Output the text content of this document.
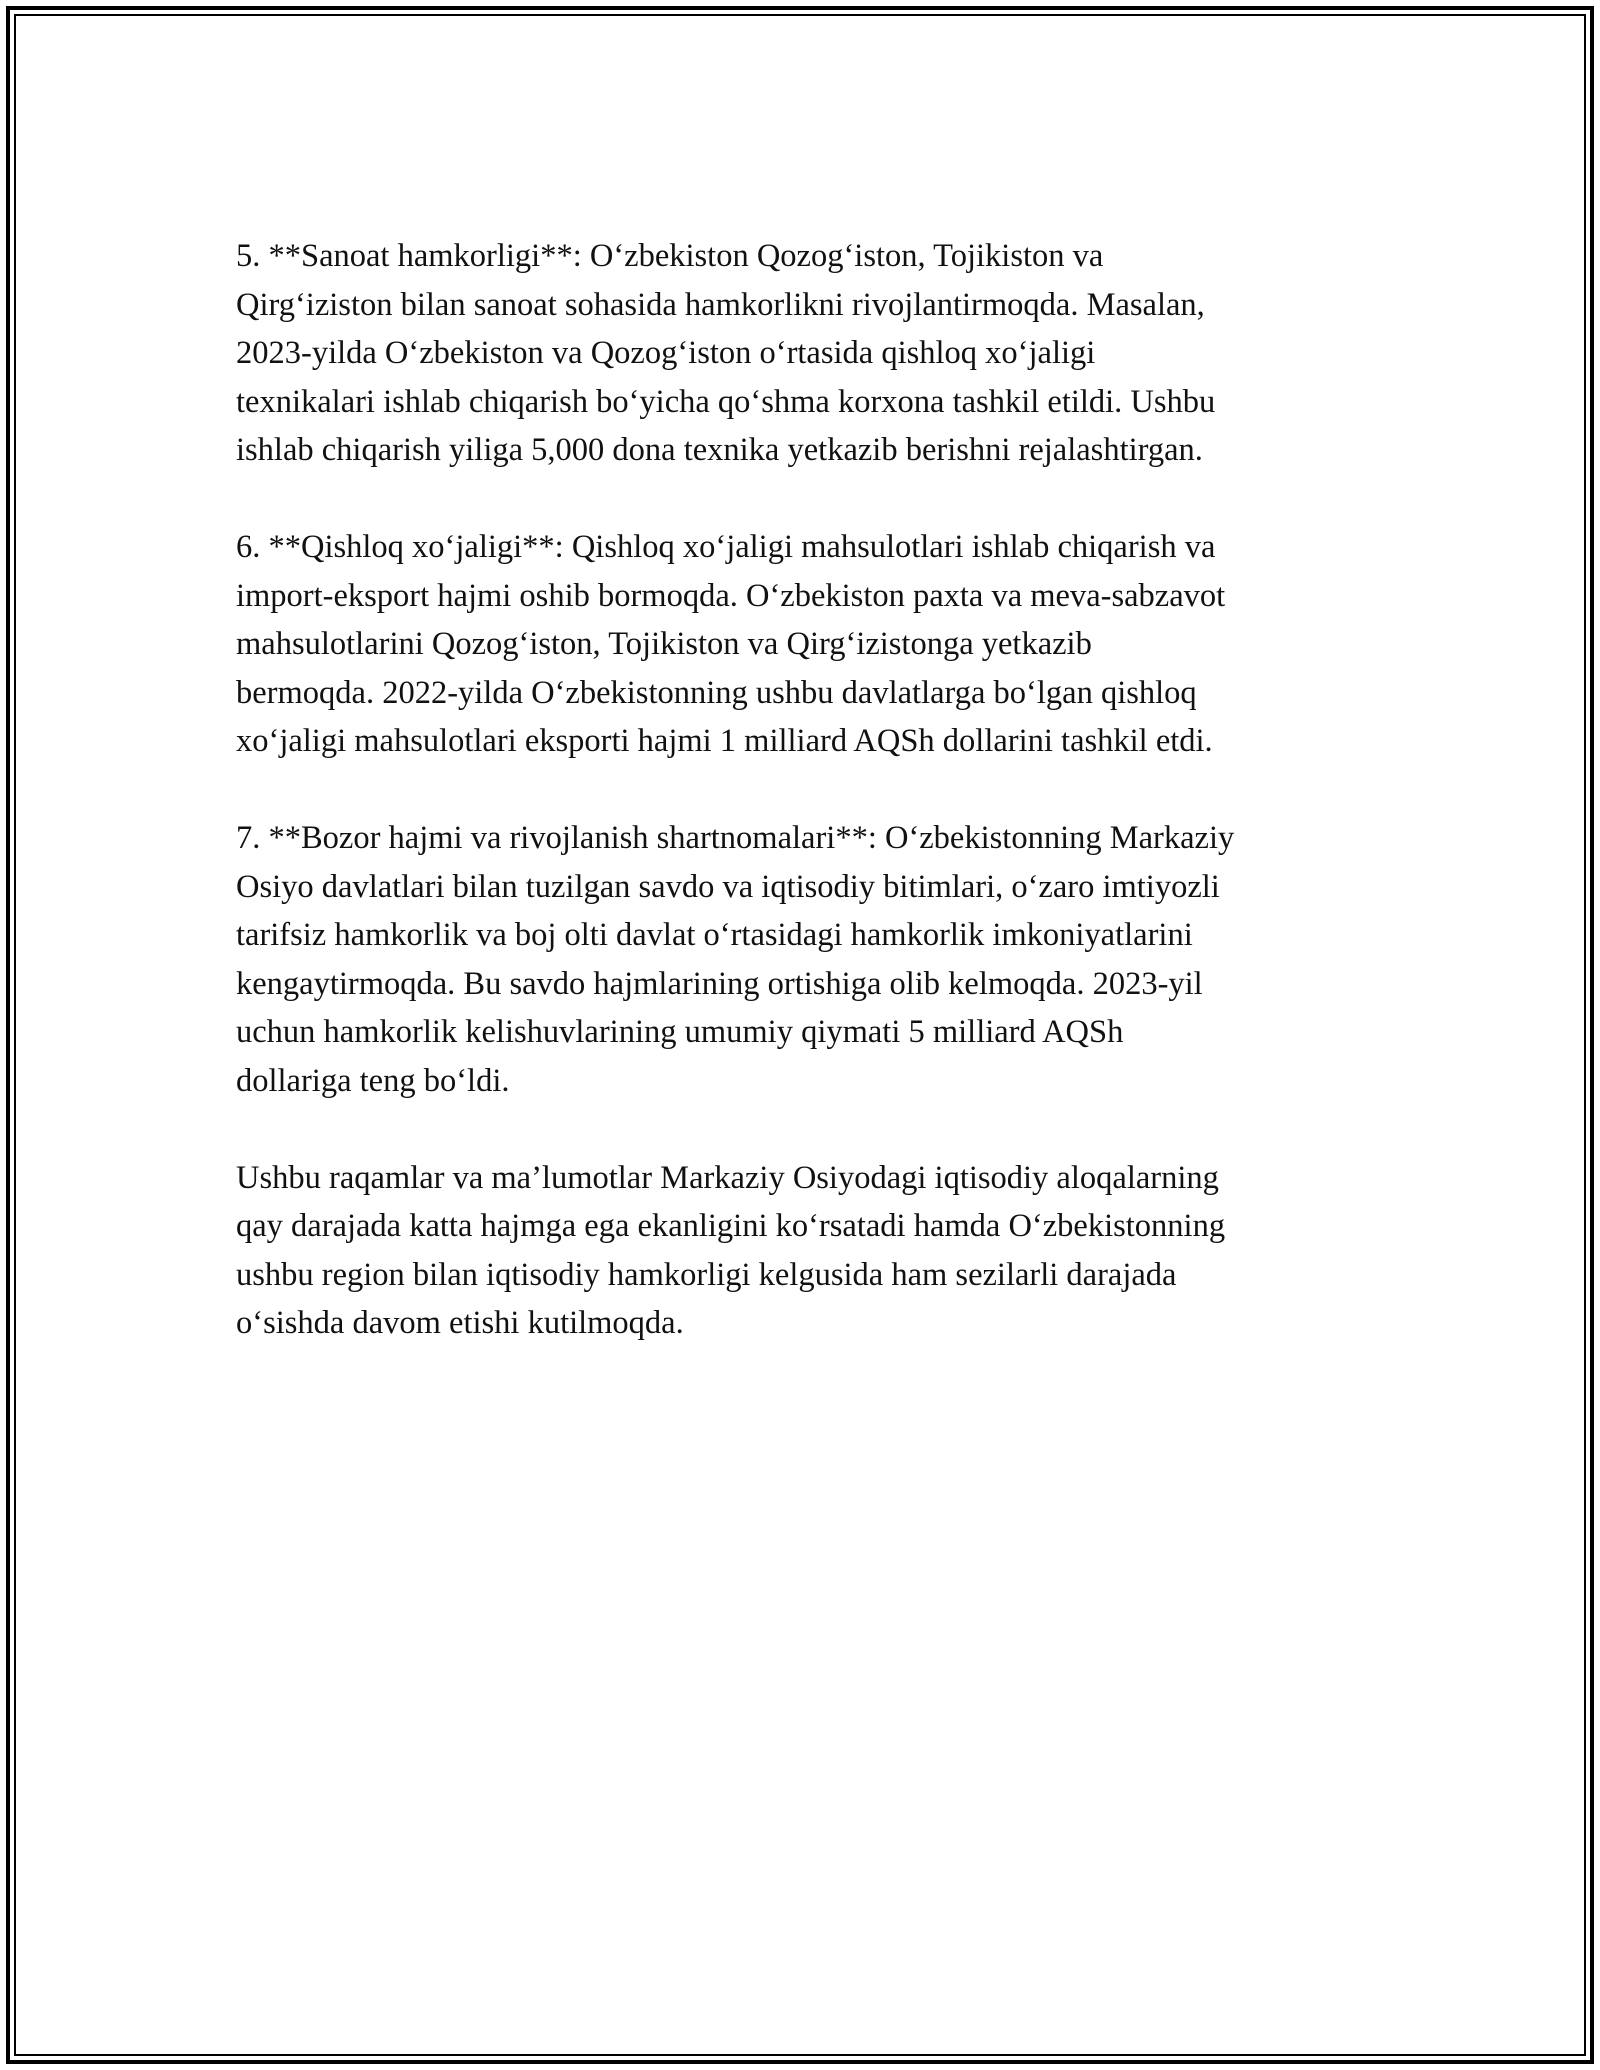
5. **Sanoat hamkorligi**: O‘zbekiston Qozog‘iston, Tojikiston va
Qirg‘iziston bilan sanoat sohasida hamkorlikni rivojlantirmoqda. Masalan,
2023-yilda O‘zbekiston va Qozog‘iston o‘rtasida qishloq xo‘jaligi
texnikalari ishlab chiqarish bo‘yicha qo‘shma korxona tashkil etildi. Ushbu
ishlab chiqarish yiliga 5,000 dona texnika yetkazib berishni rejalashtirgan.

6. **Qishloq xo‘jaligi**: Qishloq xo‘jaligi mahsulotlari ishlab chiqarish va
import-eksport hajmi oshib bormoqda. O‘zbekiston paxta va meva-sabzavot
mahsulotlarini Qozog‘iston, Tojikiston va Qirg‘izistonga yetkazib
bermoqda. 2022-yilda O‘zbekistonning ushbu davlatlarga bo‘lgan qishloq
xo‘jaligi mahsulotlari eksporti hajmi 1 milliard AQSh dollarini tashkil etdi.

7. **Bozor hajmi va rivojlanish shartnomalari**: O‘zbekistonning Markaziy
Osiyo davlatlari bilan tuzilgan savdo va iqtisodiy bitimlari, o‘zaro imtiyozli
tarifsiz hamkorlik va boj olti davlat o‘rtasidagi hamkorlik imkoniyatlarini
kengaytirmoqda. Bu savdo hajmlarining ortishiga olib kelmoqda. 2023-yil
uchun hamkorlik kelishuvlarining umumiy qiymati 5 milliard AQSh
dollariga teng bo‘ldi.

Ushbu raqamlar va ma’lumotlar Markaziy Osiyodagi iqtisodiy aloqalarning
qay darajada katta hajmga ega ekanligini ko‘rsatadi hamda O‘zbekistonning
ushbu region bilan iqtisodiy hamkorligi kelgusida ham sezilarli darajada
o‘sishda davom etishi kutilmoqda.
